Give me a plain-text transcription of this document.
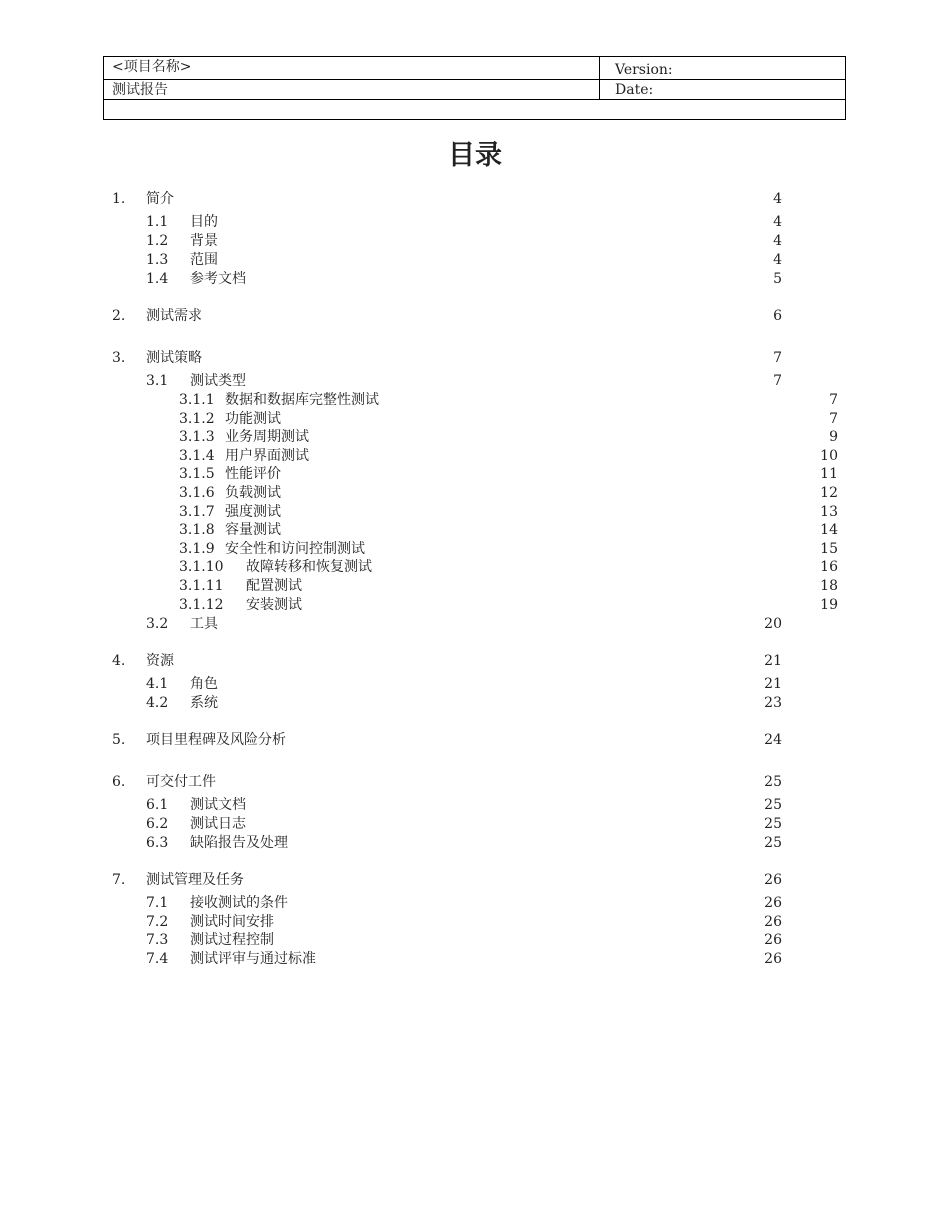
<项目名称>	Version:
测试报告	Date:
目录
1. 简介	4
1.1 目的	4
1.2 背景	4
1.3 范围	4
1.4 参考文档	5
2. 测试需求	6
3. 测试策略	7
3.1 测试类型	7
3.1.1 数据和数据库完整性测试	7
3.1.2 功能测试	7
3.1.3 业务周期测试	9
3.1.4 用户界面测试	10
3.1.5 性能评价	11
3.1.6 负载测试	12
3.1.7 强度测试	13
3.1.8 容量测试	14
3.1.9 安全性和访问控制测试	15
3.1.10 故障转移和恢复测试	16
3.1.11 配置测试	18
3.1.12 安装测试	19
3.2 工具	20
4. 资源	21
4.1 角色	21
4.2 系统	23
5. 项目里程碑及风险分析	24
6. 可交付工件	25
6.1 测试文档	25
6.2 测试日志	25
6.3 缺陷报告及处理	25
7. 测试管理及任务	26
7.1 接收测试的条件	26
7.2 测试时间安排	26
7.3 测试过程控制	26
7.4 测试评审与通过标准	26
